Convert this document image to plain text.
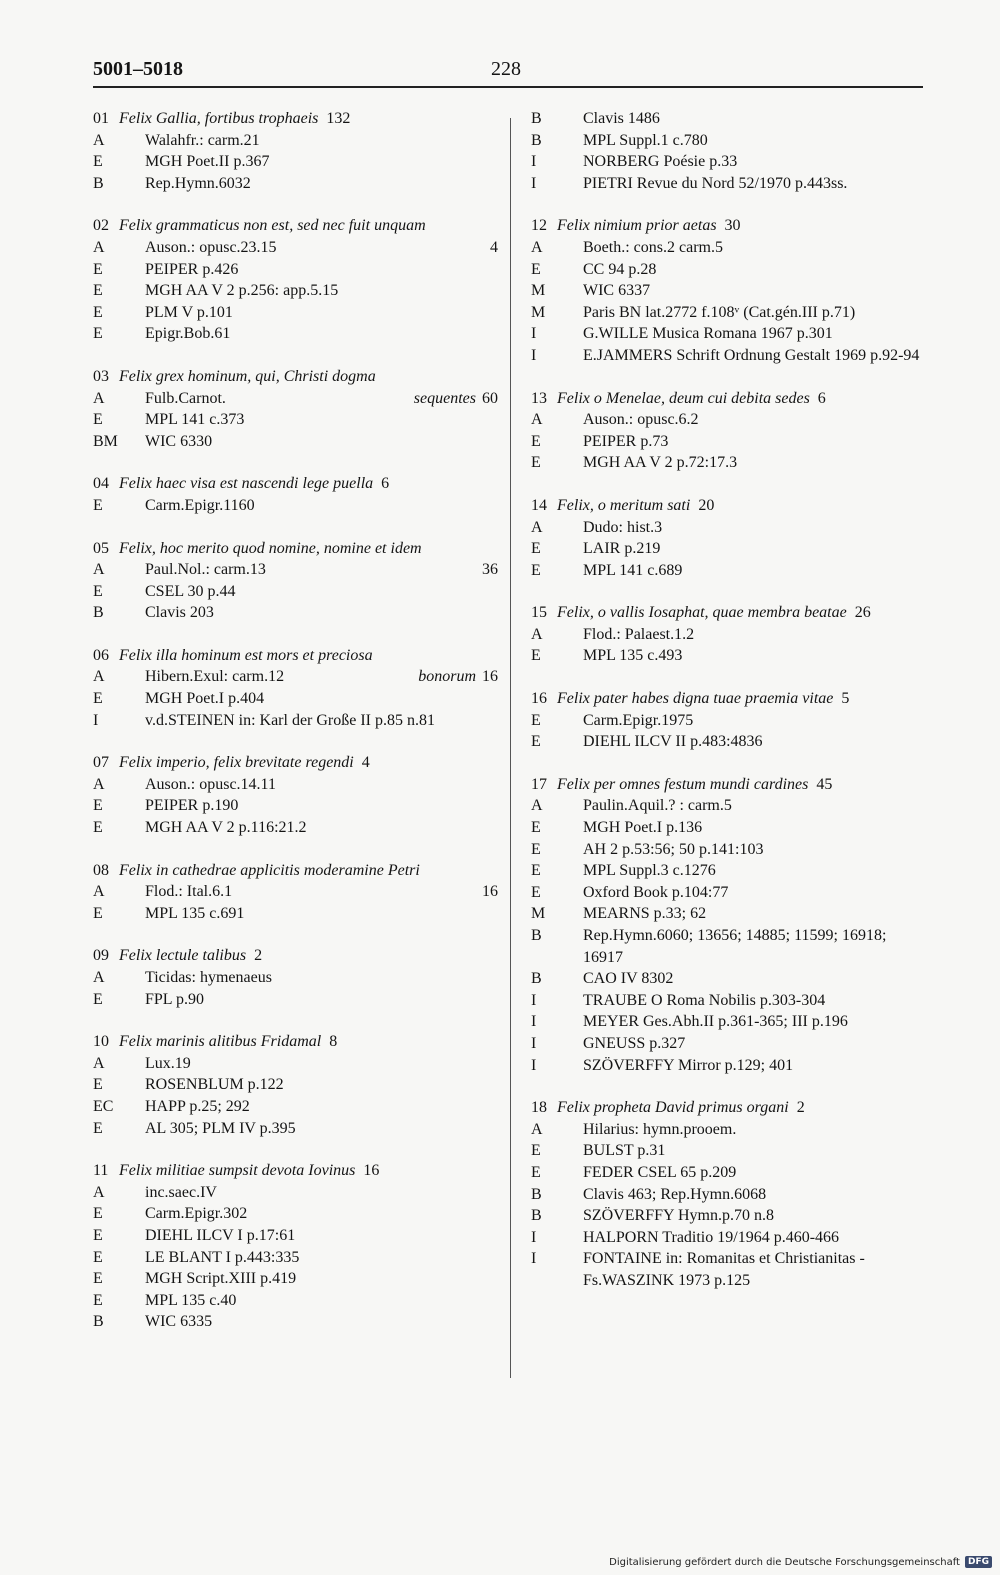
5001–5018	228
01 Felix Gallia, fortibus trophaeis 132
A	Walahfr.: carm.21
E	MGH Poet.II p.367
B	Rep.Hymn.6032
02 Felix grammaticus non est, sed nec fuit unquam
A	Auson.: opusc.23.15	4
E	PEIPER p.426
E	MGH AA V 2 p.256: app.5.15
E	PLM V p.101
E	Epigr.Bob.61
03 Felix grex hominum, qui, Christi dogma
A	Fulb.Carnot.	sequentes 60
E	MPL 141 c.373
BM	WIC 6330
04 Felix haec visa est nascendi lege puella 6
E	Carm.Epigr.1160
05 Felix, hoc merito quod nomine, nomine et idem
A	Paul.Nol.: carm.13	36
E	CSEL 30 p.44
B	Clavis 203
06 Felix illa hominum est mors et preciosa
A	Hibern.Exul: carm.12	bonorum 16
E	MGH Poet.I p.404
I	v.d.STEINEN in: Karl der Große II p.85 n.81
07 Felix imperio, felix brevitate regendi 4
A	Auson.: opusc.14.11
E	PEIPER p.190
E	MGH AA V 2 p.116:21.2
08 Felix in cathedrae applicitis moderamine Petri
A	Flod.: Ital.6.1	16
E	MPL 135 c.691
09 Felix lectule talibus 2
A	Ticidas: hymenaeus
E	FPL p.90
10 Felix marinis alitibus Fridamal 8
A	Lux.19
E	ROSENBLUM p.122
EC	HAPP p.25; 292
E	AL 305; PLM IV p.395
11 Felix militiae sumpsit devota Iovinus 16
A	inc.saec.IV
E	Carm.Epigr.302
E	DIEHL ILCV I p.17:61
E	LE BLANT I p.443:335
E	MGH Script.XIII p.419
E	MPL 135 c.40
B	WIC 6335
B	Clavis 1486
B	MPL Suppl.1 c.780
I	NORBERG Poésie p.33
I	PIETRI Revue du Nord 52/1970 p.443ss.
12 Felix nimium prior aetas 30
A	Boeth.: cons.2 carm.5
E	CC 94 p.28
M	WIC 6337
M	Paris BN lat.2772 f.108ᵛ (Cat.gén.III p.71)
I	G.WILLE Musica Romana 1967 p.301
I	E.JAMMERS Schrift Ordnung Gestalt 1969 p.92-94
13 Felix o Menelae, deum cui debita sedes 6
A	Auson.: opusc.6.2
E	PEIPER p.73
E	MGH AA V 2 p.72:17.3
14 Felix, o meritum sati 20
A	Dudo: hist.3
E	LAIR p.219
E	MPL 141 c.689
15 Felix, o vallis Iosaphat, quae membra beatae 26
A	Flod.: Palaest.1.2
E	MPL 135 c.493
16 Felix pater habes digna tuae praemia vitae 5
E	Carm.Epigr.1975
E	DIEHL ILCV II p.483:4836
17 Felix per omnes festum mundi cardines 45
A	Paulin.Aquil.? : carm.5
E	MGH Poet.I p.136
E	AH 2 p.53:56; 50 p.141:103
E	MPL Suppl.3 c.1276
E	Oxford Book p.104:77
M	MEARNS p.33; 62
B	Rep.Hymn.6060; 13656; 14885; 11599; 16918; 16917
B	CAO IV 8302
I	TRAUBE O Roma Nobilis p.303-304
I	MEYER Ges.Abh.II p.361-365; III p.196
I	GNEUSS p.327
I	SZÖVERFFY Mirror p.129; 401
18 Felix propheta David primus organi 2
A	Hilarius: hymn.prooem.
E	BULST p.31
E	FEDER CSEL 65 p.209
B	Clavis 463; Rep.Hymn.6068
B	SZÖVERFFY Hymn.p.70 n.8
I	HALPORN Traditio 19/1964 p.460-466
I	FONTAINE in: Romanitas et Christianitas - Fs.WASZINK 1973 p.125
Digitalisierung gefördert durch die Deutsche Forschungsgemeinschaft DFG
